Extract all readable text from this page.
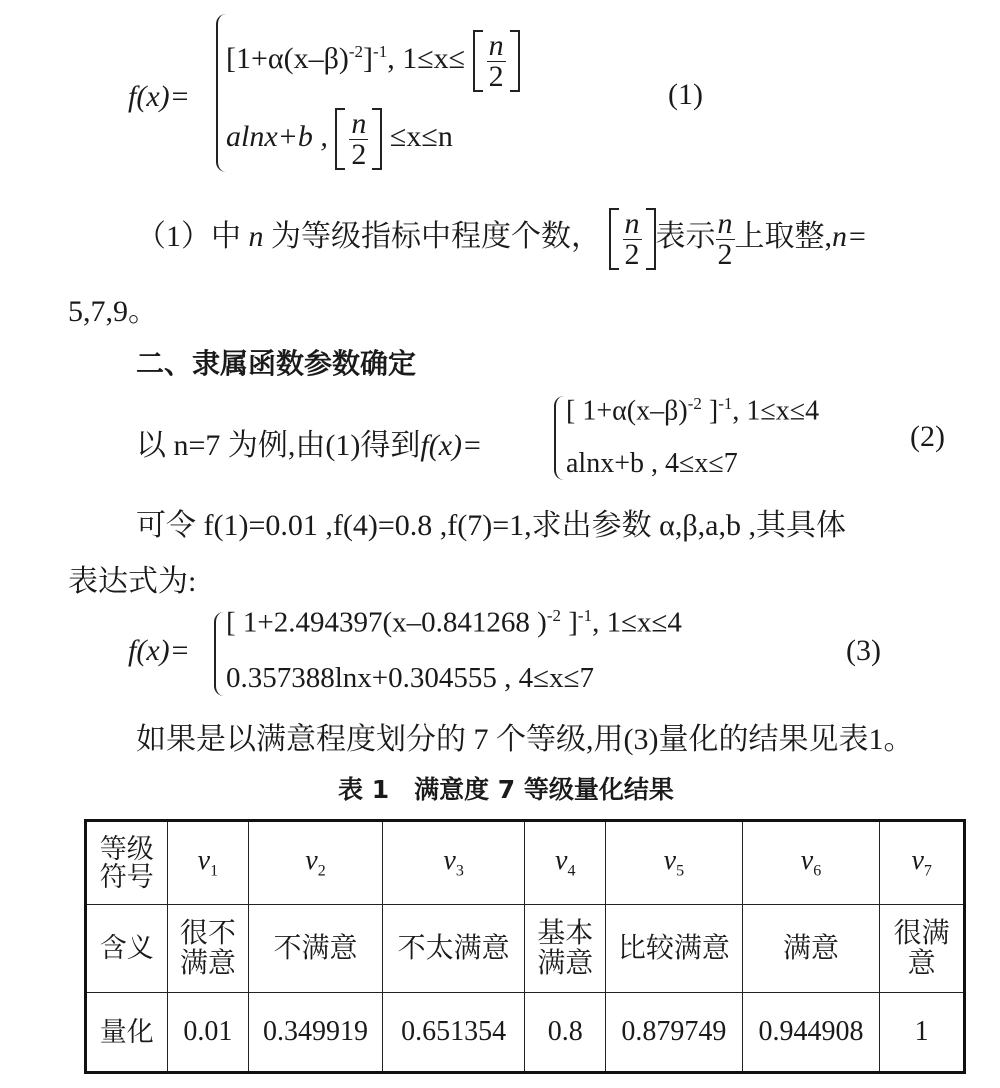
f(x)=
$[1+\alpha(x-\beta)^{-2}]^{-1}$, $1\le x\le \frac{n}{2}$
alnx+b , $\frac{n}{2} \le x\le n$
(1)
（1）中 n 为等级指标中程度个数， $\frac{n}{2}$ 表示 $\frac{n}{2}$ 上取整,n=
5,7,9。
二、隶属函数参数确定
以 n=7 为例,由(1)得到f(x)=
[ $1+\alpha(x-\beta)^{-2}$ ]$^{-1}$, 1≤x≤4
alnx+b , 4≤x≤7
(2)
可令 f(1)=0.01 ,f(4)=0.8 ,f(7)=1,求出参数 α,β,a,b ,其具体
表达式为:
f(x)=
[ 1+2.494397(x–0.841268 )$^{-2}$ ]$^{-1}$, 1≤x≤4
0.357388lnx+0.304555 , 4≤x≤7
(3)
如果是以满意程度划分的 7 个等级,用(3)量化的结果见表1。
表 1　满意度 7 等级量化结果
等级符号	$v_1$	$v_2$	$v_3$	$v_4$	$v_5$	$v_6$	$v_7$
含义	很不满意	不满意	不太满意	基本满意	比较满意	满意	很满意
量化	0.01	0.349919	0.651354	0.8	0.879749	0.944908	1
